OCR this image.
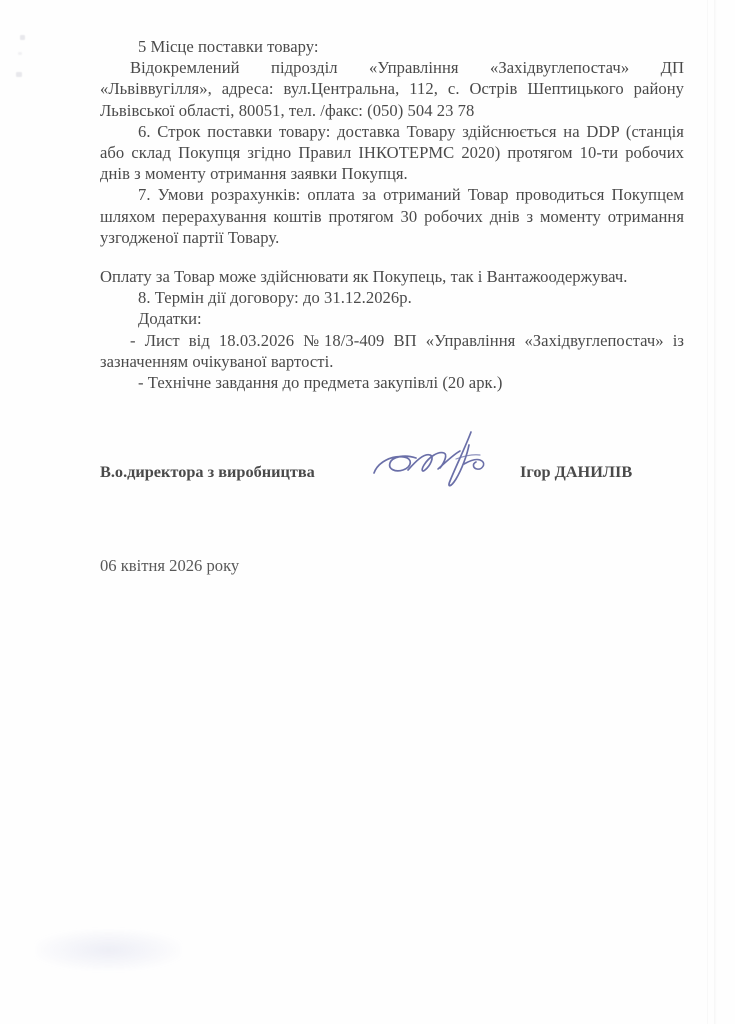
5 Місце поставки товару:

Відокремлений підрозділ «Управління «Західвуглепостач» ДП «Львіввугілля», адреса: вул.Центральна, 112, с. Острів Шептицького району Львівської області, 80051, тел. /факс: (050) 504 23 78

6. Строк поставки товару: доставка Товару здійснюється на DDP (станція або склад Покупця згідно Правил ІНКОТЕРМС 2020) протягом 10-ти робочих днів з моменту отримання заявки Покупця.

7. Умови розрахунків: оплата за отриманий Товар проводиться Покупцем шляхом перерахування коштів протягом 30 робочих днів з моменту отримання узгодженої партії Товару.

Оплату за Товар може здійснювати як Покупець, так і Вантажоодержувач.

8. Термін дії договору: до 31.12.2026р.

Додатки:

- Лист від 18.03.2026 №18/3-409 ВП «Управління «Західвуглепостач» із зазначенням очікуваної вартості.

- Технічне завдання до предмета закупівлі (20 арк.)

В.о.директора з виробництва	Ігор ДАНИЛІВ
06 квітня 2026 року
